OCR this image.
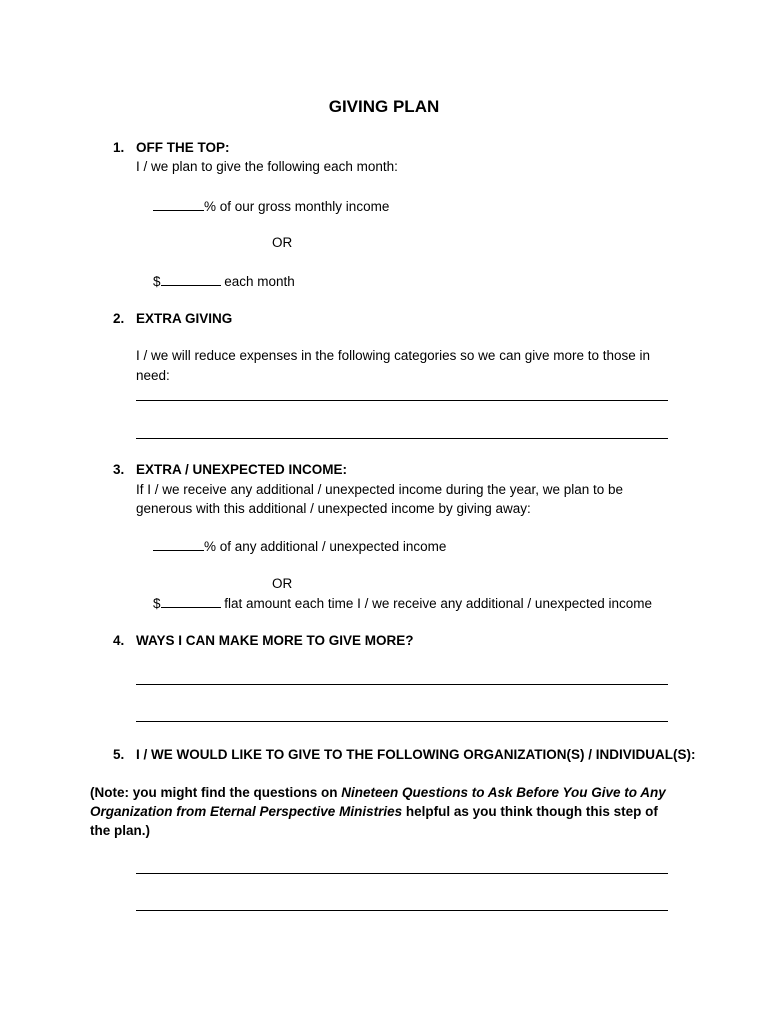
GIVING PLAN
1. OFF THE TOP:
I / we plan to give the following each month:
% of our gross monthly income
OR
$	each month
2. EXTRA GIVING
I / we will reduce expenses in the following categories so we can give more to those in
need:
3. EXTRA / UNEXPECTED INCOME:
If I / we receive any additional / unexpected income during the year, we plan to be
generous with this additional / unexpected income by giving away:
% of any additional / unexpected income
OR
$	flat amount each time I / we receive any additional / unexpected income
4. WAYS I CAN MAKE MORE TO GIVE MORE?
5. I / WE WOULD LIKE TO GIVE TO THE FOLLOWING ORGANIZATION(S) / INDIVIDUAL(S):
(Note: you might find the questions on Nineteen Questions to Ask Before You Give to Any Organization from Eternal Perspective Ministries helpful as you think though this step of the plan.)
